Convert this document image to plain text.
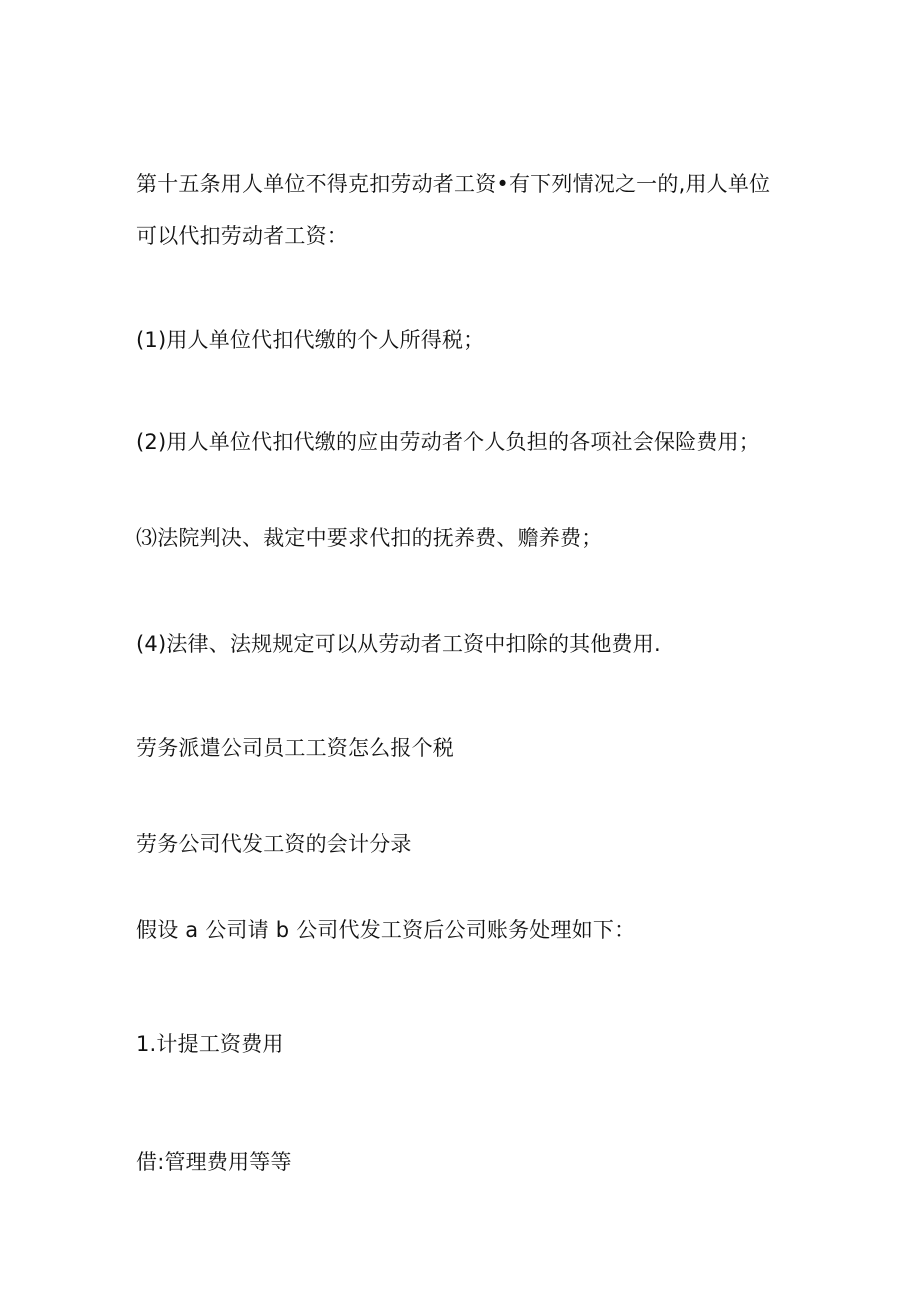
第十五条用人单位不得克扣劳动者工资•有下列情况之一的,用人单位
可以代扣劳动者工资：
(1)用人单位代扣代缴的个人所得税；
(2)用人单位代扣代缴的应由劳动者个人负担的各项社会保险费用；
⑶法院判决、裁定中要求代扣的抚养费、赡养费；
(4)法律、法规规定可以从劳动者工资中扣除的其他费用.
劳务派遣公司员工工资怎么报个税
劳务公司代发工资的会计分录
假设 a 公司请 b 公司代发工资后公司账务处理如下：
1.计提工资费用
借:管理费用等等
